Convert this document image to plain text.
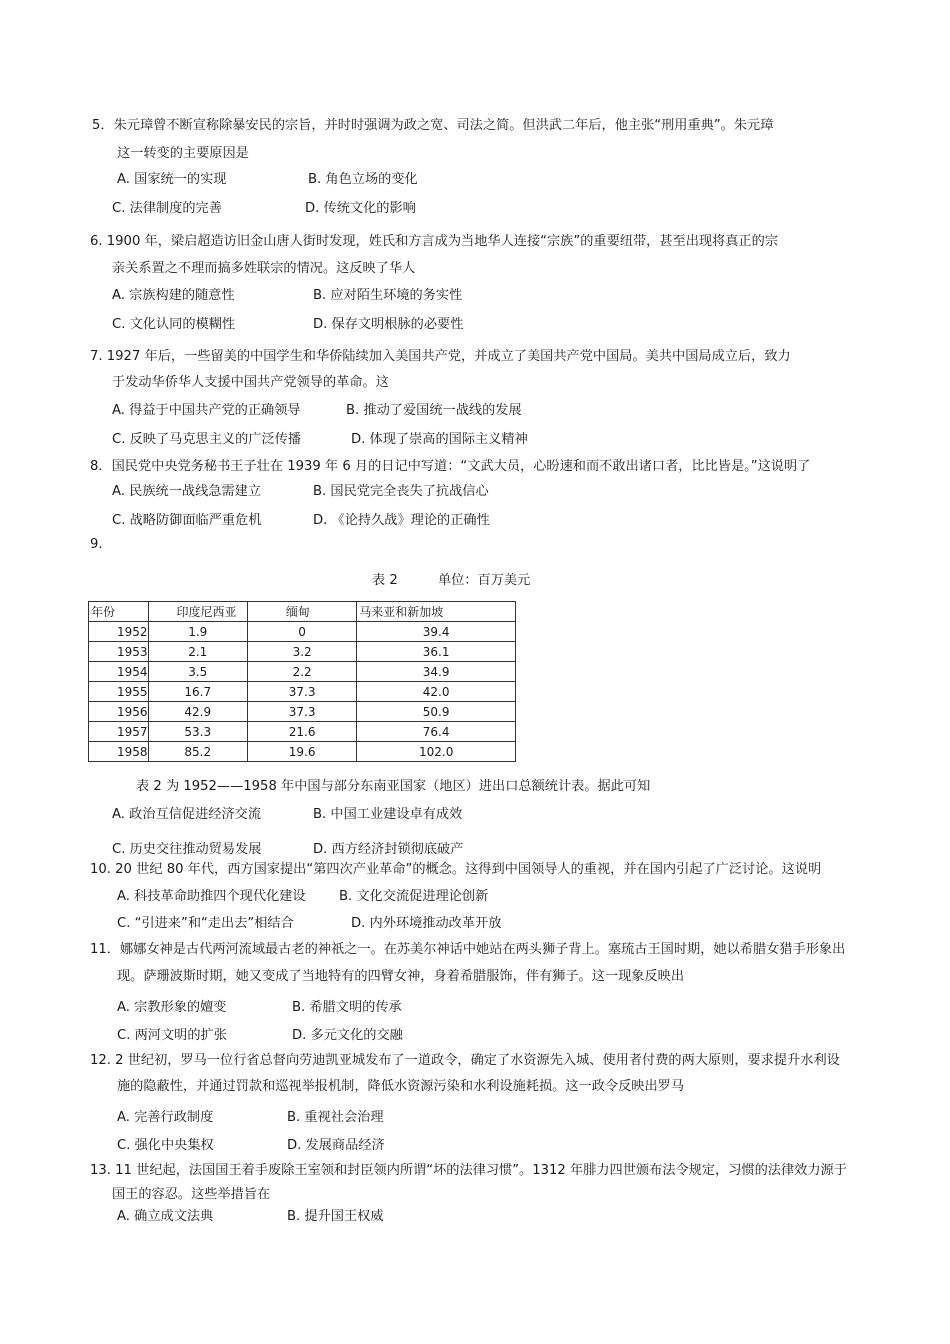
5．朱元璋曾不断宣称除暴安民的宗旨，并时时强调为政之宽、司法之简。但洪武二年后，他主张“刑用重典”。朱元璋
这一转变的主要原因是
A. 国家统一的实现	B. 角色立场的变化
C. 法律制度的完善	D. 传统文化的影响
6. 1900 年，梁启超造访旧金山唐人街时发现，姓氏和方言成为当地华人连接“宗族”的重要纽带，甚至出现将真正的宗
亲关系置之不理而搞多姓联宗的情况。这反映了华人
A. 宗族构建的随意性	B. 应对陌生环境的务实性
C. 文化认同的模糊性	D. 保存文明根脉的必要性
7. 1927 年后，一些留美的中国学生和华侨陆续加入美国共产党，并成立了美国共产党中国局。美共中国局成立后，致力
于发动华侨华人支援中国共产党领导的革命。这
A. 得益于中国共产党的正确领导	B. 推动了爱国统一战线的发展
C. 反映了马克思主义的广泛传播	D. 体现了崇高的国际主义精神
8．国民党中央党务秘书王子壮在 1939 年 6 月的日记中写道：“文武大员，心盼速和而不敢出诸口者，比比皆是。”这说明了
A. 民族统一战线急需建立	B. 国民党完全丧失了抗战信心
C. 战略防御面临严重危机	D. 《论持久战》理论的正确性
9.
表 2	单位：百万美元
年份	印度尼西亚	缅甸	马来亚和新加坡
1952	1.9	0	39.4
1953	2.1	3.2	36.1
1954	3.5	2.2	34.9
1955	16.7	37.3	42.0
1956	42.9	37.3	50.9
1957	53.3	21.6	76.4
1958	85.2	19.6	102.0
表 2 为 1952——1958 年中国与部分东南亚国家（地区）进出口总额统计表。据此可知
A. 政治互信促进经济交流	B. 中国工业建设卓有成效
C. 历史交往推动贸易发展	D. 西方经济封锁彻底破产
10. 20 世纪 80 年代，西方国家提出“第四次产业革命”的概念。这得到中国领导人的重视，并在国内引起了广泛讨论。这说明
A. 科技革命助推四个现代化建设	B. 文化交流促进理论创新
C. “引进来”和“走出去”相结合	D. 内外环境推动改革开放
11．娜娜女神是古代两河流域最古老的神祇之一。在苏美尔神话中她站在两头狮子背上。塞琉古王国时期，她以希腊女猎手形象出
现。萨珊波斯时期，她又变成了当地特有的四臂女神，身着希腊服饰，伴有狮子。这一现象反映出
A. 宗教形象的嬗变	B. 希腊文明的传承
C. 两河文明的扩张	D. 多元文化的交融
12. 2 世纪初，罗马一位行省总督向劳迪凯亚城发布了一道政令，确定了水资源先入城、使用者付费的两大原则，要求提升水利设
施的隐蔽性，并通过罚款和巡视举报机制，降低水资源污染和水利设施耗损。这一政令反映出罗马
A. 完善行政制度	B. 重视社会治理
C. 强化中央集权	D. 发展商品经济
13. 11 世纪起，法国国王着手废除王室领和封臣领内所谓“坏的法律习惯”。1312 年腓力四世颁布法令规定，习惯的法律效力源于
国王的容忍。这些举措旨在
A. 确立成文法典	B. 提升国王权威
